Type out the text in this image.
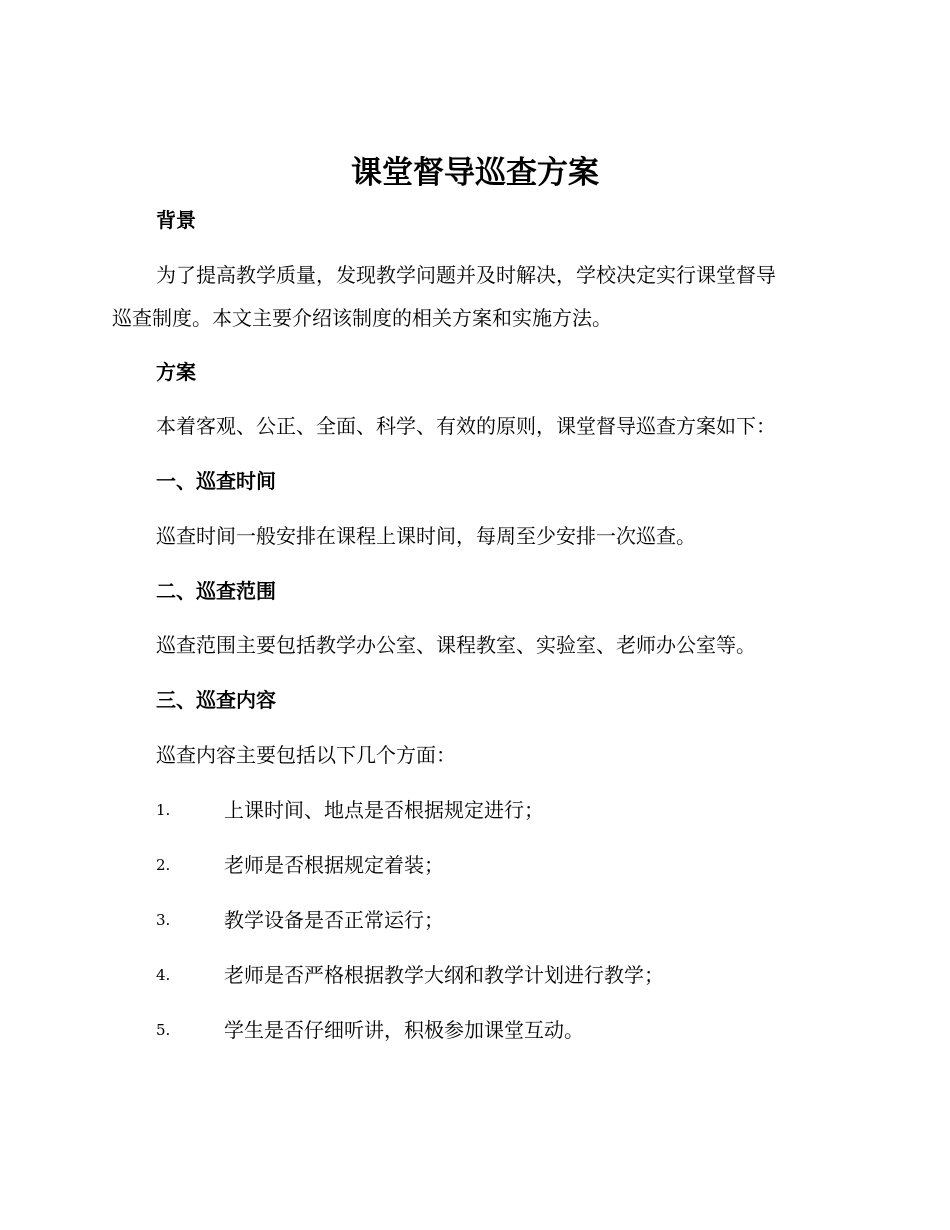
课堂督导巡查方案
背景
为了提高教学质量，发现教学问题并及时解决，学校决定实行课堂督导
巡查制度。本文主要介绍该制度的相关方案和实施方法。
方案
本着客观、公正、全面、科学、有效的原则，课堂督导巡查方案如下：
一、巡查时间
巡查时间一般安排在课程上课时间，每周至少安排一次巡查。
二、巡查范围
巡查范围主要包括教学办公室、课程教室、实验室、老师办公室等。
三、巡查内容
巡查内容主要包括以下几个方面：
1.	上课时间、地点是否根据规定进行；
2.	老师是否根据规定着装；
3.	教学设备是否正常运行；
4.	老师是否严格根据教学大纲和教学计划进行教学；
5.	学生是否仔细听讲，积极参加课堂互动。
